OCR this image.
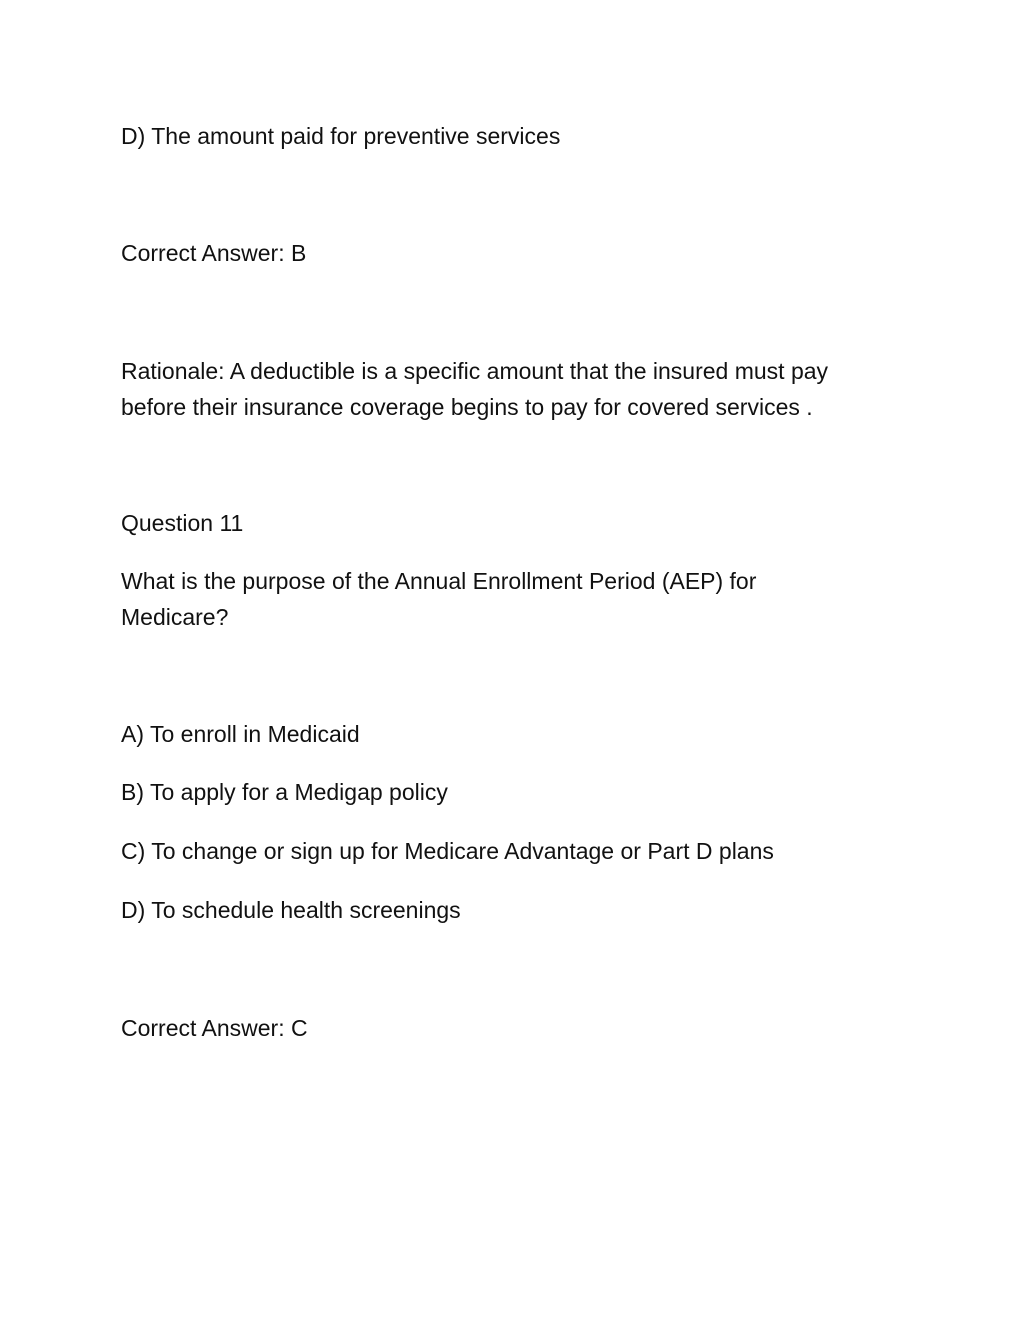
D) The amount paid for preventive services
Correct Answer: B
Rationale: A deductible is a specific amount that the insured must pay
before their insurance coverage begins to pay for covered services .
Question 11
What is the purpose of the Annual Enrollment Period (AEP) for
Medicare?
A) To enroll in Medicaid
B) To apply for a Medigap policy
C) To change or sign up for Medicare Advantage or Part D plans
D) To schedule health screenings
Correct Answer: C
